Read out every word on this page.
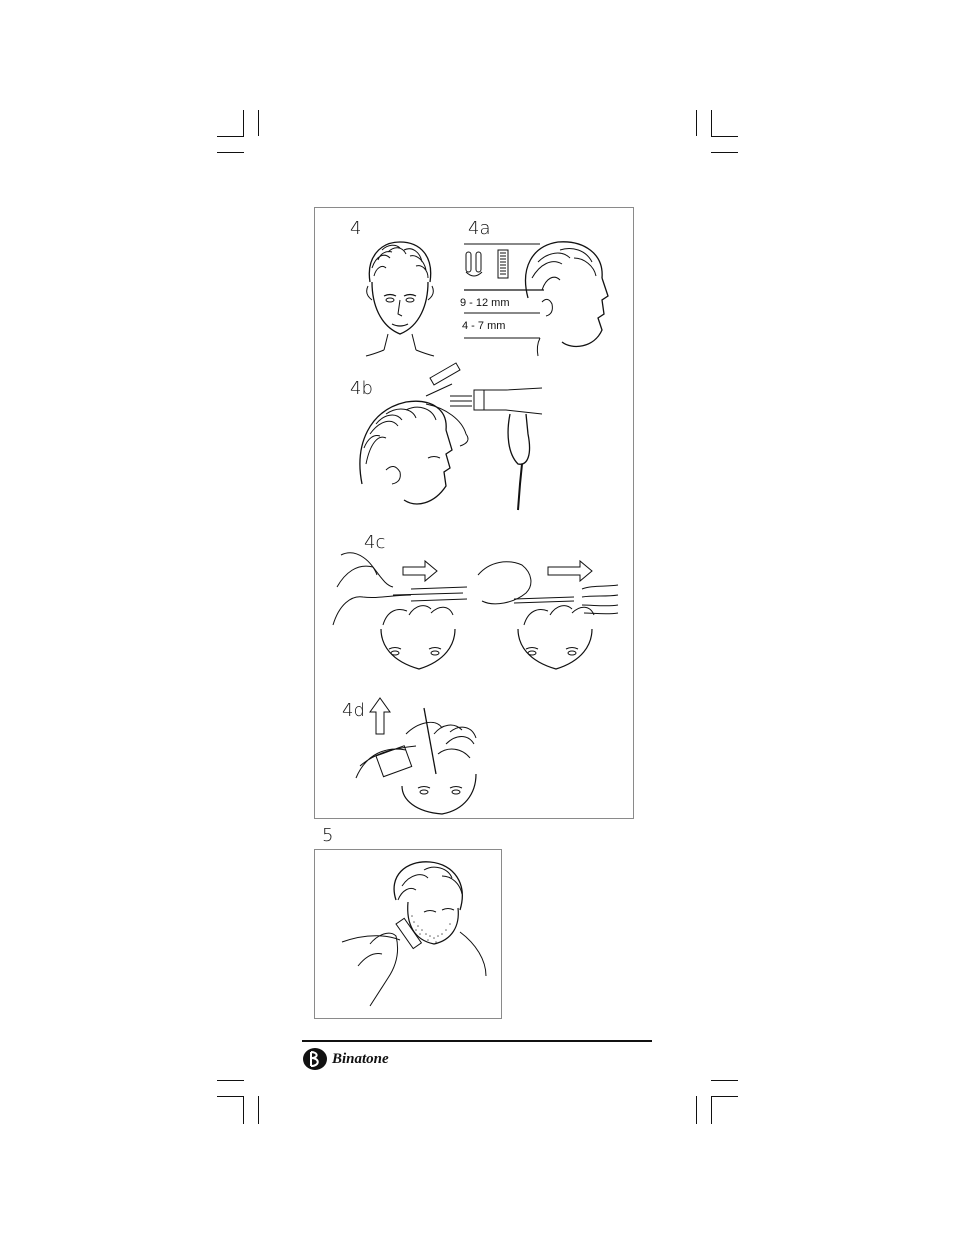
4	4a
9 - 12 mm
4 - 7 mm
4b
4c
4d
5
Binatone
